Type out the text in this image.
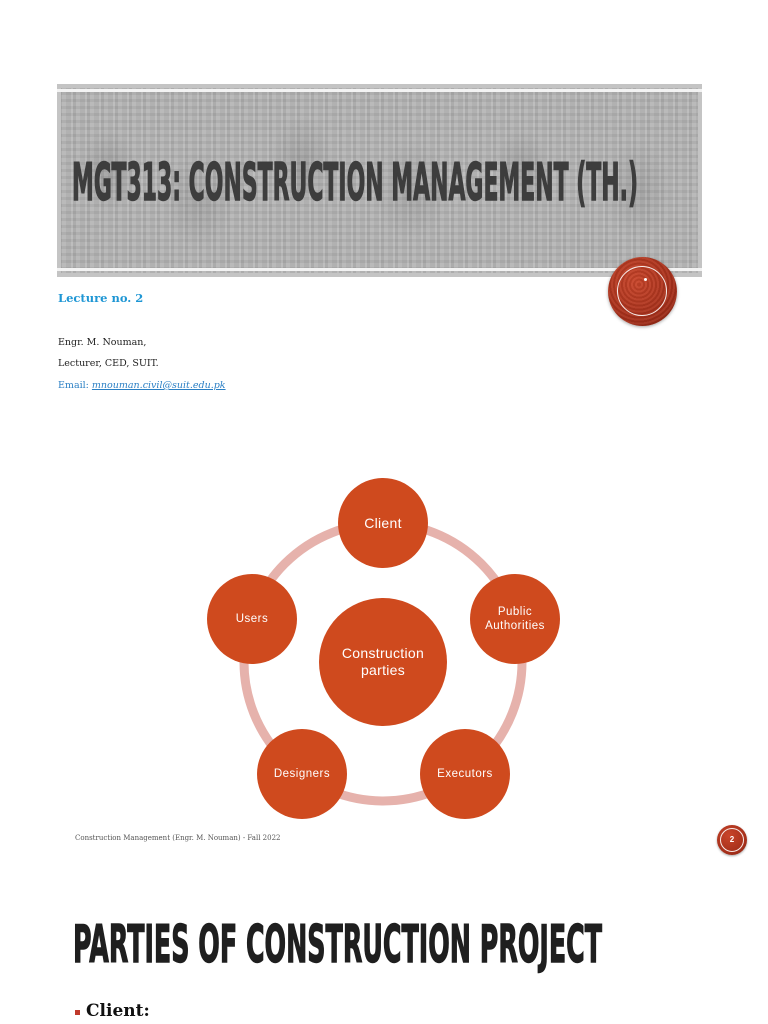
MGT313: CONSTRUCTION MANAGEMENT (TH.)
Lecture no. 2
Engr. M. Nouman,
Lecturer, CED, SUIT.
Email: mnouman.civil@suit.edu.pk
Client
Public Authorities
Executors
Designers
Users
Construction parties
Construction Management (Engr. M. Nouman) - Fall 2022	2
PARTIES OF CONSTRUCTION PROJECT
Client:
